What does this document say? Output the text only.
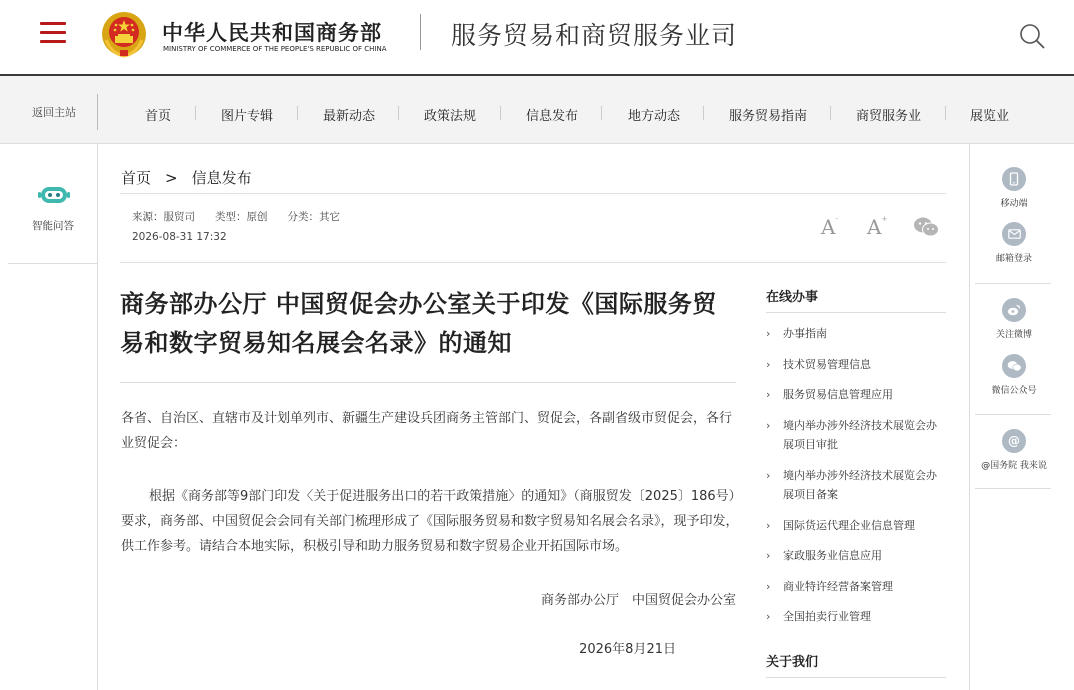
中华人民共和国商务部
MINISTRY OF COMMERCE OF THE PEOPLE'S REPUBLIC OF CHINA	服务贸易和商贸服务业司
返回主站	首页	图片专辑	最新动态	政策法规	信息发布	地方动态	服务贸易指南	商贸服务业	展览业
智能问答
移动端
邮箱登录
关注微博
微信公众号
@
@国务院 我来说
首页 > 信息发布
来源：服贸司 类型：原创 分类：其它
2026-08-31 17:32	A- A+
商务部办公厅 中国贸促会办公室关于印发《国际服务贸易和数字贸易知名展会名录》的通知
各省、自治区、直辖市及计划单列市、新疆生产建设兵团商务主管部门、贸促会，各副省级市贸促会，各行业贸促会：
根据《商务部等9部门印发〈关于促进服务出口的若干政策措施〉的通知》（商服贸发〔2025〕186号）要求，商务部、中国贸促会会同有关部门梳理形成了《国际服务贸易和数字贸易知名展会名录》，现予印发，供工作参考。请结合本地实际，积极引导和助力服务贸易和数字贸易企业开拓国际市场。
商务部办公厅　中国贸促会办公室
2026年8月21日
在线办事
›	办事指南
›	技术贸易管理信息
›	服务贸易信息管理应用
›	境内举办涉外经济技术展览会办展项目审批
›	境内举办涉外经济技术展览会办展项目备案
›	国际货运代理企业信息管理
›	家政服务业信息应用
›	商业特许经营备案管理
›	全国拍卖行业管理
关于我们
